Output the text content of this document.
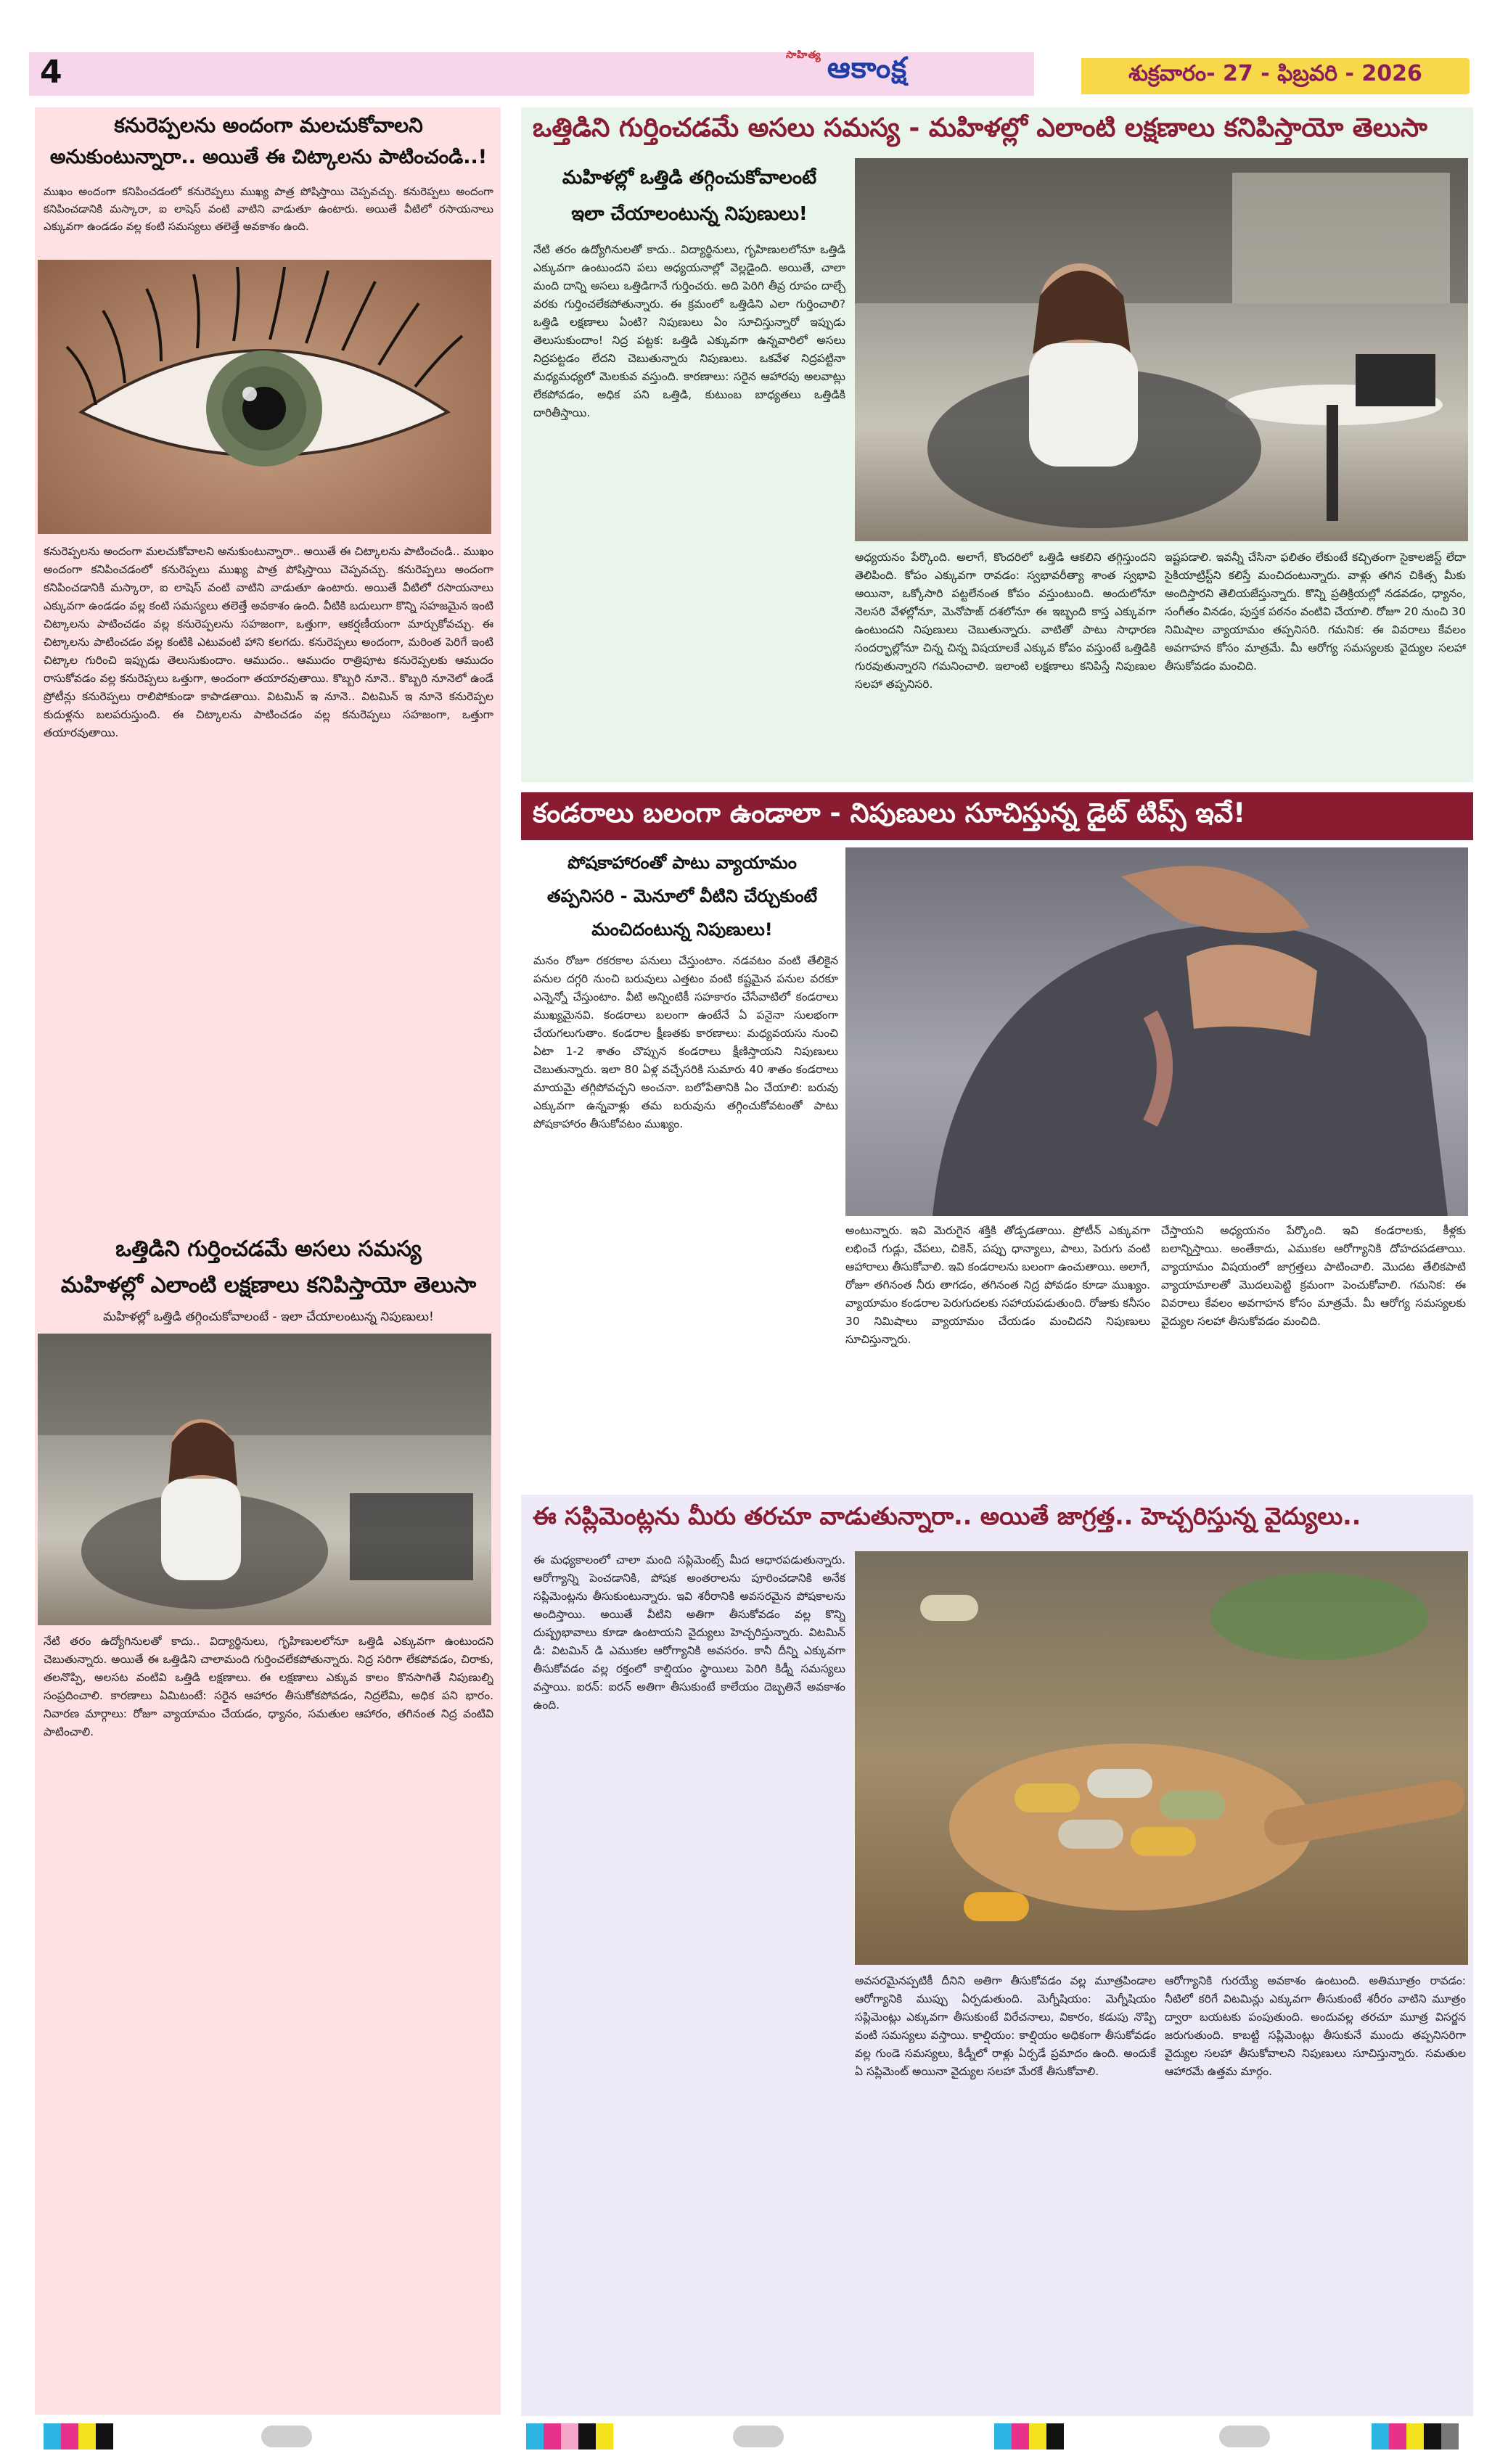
4	సాహిత్య ఆకాంక్ష	శుక్రవారం- 27 - ఫిబ్రవరి - 2026
కనురెప్పలను అందంగా మలచుకోవాలని
అనుకుంటున్నారా.. అయితే ఈ చిట్కాలను పాటించండి..!
ముఖం అందంగా కనిపించడంలో కనురెప్పలు ముఖ్య పాత్ర పోషిస్తాయి చెప్పవచ్చు. కనురెప్పలు అందంగా కనిపించడానికి మస్కారా, ఐ లాషెస్ వంటి వాటిని వాడుతూ ఉంటారు. అయితే వీటిలో రసాయనాలు ఎక్కువగా ఉండడం వల్ల కంటి సమస్యలు తలెత్తే అవకాశం ఉంది.
కనురెప్పలను అందంగా మలచుకోవాలని అనుకుంటున్నారా.. అయితే ఈ చిట్కాలను పాటించండి.. ముఖం అందంగా కనిపించడంలో కనురెప్పలు ముఖ్య పాత్ర పోషిస్తాయి చెప్పవచ్చు. కనురెప్పలు అందంగా కనిపించడానికి మస్కారా, ఐ లాషెస్ వంటి వాటిని వాడుతూ ఉంటారు. అయితే వీటిలో రసాయనాలు ఎక్కువగా ఉండడం వల్ల కంటి సమస్యలు తలెత్తే అవకాశం ఉంది. వీటికి బదులుగా కొన్ని సహజమైన ఇంటి చిట్కాలను పాటించడం వల్ల కనురెప్పలను సహజంగా, ఒత్తుగా, ఆకర్షణీయంగా మార్చుకోవచ్చు. ఈ చిట్కాలను పాటించడం వల్ల కంటికి ఎటువంటి హాని కలగదు. కనురెప్పలు అందంగా, మరింత పెరిగే ఇంటి చిట్కాల గురించి ఇప్పుడు తెలుసుకుందాం. ఆముదం.. ఆముదం రాత్రిపూట కనురెప్పలకు ఆముదం రాసుకోవడం వల్ల కనురెప్పలు ఒత్తుగా, అందంగా తయారవుతాయి. కొబ్బరి నూనె.. కొబ్బరి నూనెలో ఉండే ప్రోటీన్లు కనురెప్పలు రాలిపోకుండా కాపాడతాయి. విటమిన్ ఇ నూనె.. విటమిన్ ఇ నూనె కనురెప్పల కుదుళ్లను బలపరుస్తుంది. ఈ చిట్కాలను పాటించడం వల్ల కనురెప్పలు సహజంగా, ఒత్తుగా తయారవుతాయి.
ఒత్తిడిని గుర్తించడమే అసలు సమస్య
మహిళల్లో ఎలాంటి లక్షణాలు కనిపిస్తాయో తెలుసా
మహిళల్లో ఒత్తిడి తగ్గించుకోవాలంటే - ఇలా చేయాలంటున్న నిపుణులు!
నేటి తరం ఉద్యోగినులతో కాదు.. విద్యార్థినులు, గృహిణులలోనూ ఒత్తిడి ఎక్కువగా ఉంటుందని చెబుతున్నారు. అయితే ఈ ఒత్తిడిని చాలామంది గుర్తించలేకపోతున్నారు. నిద్ర సరిగా లేకపోవడం, చిరాకు, తలనొప్పి, అలసట వంటివి ఒత్తిడి లక్షణాలు. ఈ లక్షణాలు ఎక్కువ కాలం కొనసాగితే నిపుణుల్ని సంప్రదించాలి. కారణాలు ఏమిటంటే: సరైన ఆహారం తీసుకోకపోవడం, నిద్రలేమి, అధిక పని భారం. నివారణ మార్గాలు: రోజూ వ్యాయామం చేయడం, ధ్యానం, సమతుల ఆహారం, తగినంత నిద్ర వంటివి పాటించాలి.
ఒత్తిడిని గుర్తించడమే అసలు సమస్య - మహిళల్లో ఎలాంటి లక్షణాలు కనిపిస్తాయో తెలుసా
మహిళల్లో ఒత్తిడి తగ్గించుకోవాలంటే
ఇలా చేయాలంటున్న నిపుణులు!
నేటి తరం ఉద్యోగినులతో కాదు.. విద్యార్థినులు, గృహిణులలోనూ ఒత్తిడి ఎక్కువగా ఉంటుందని పలు అధ్యయనాల్లో వెల్లడైంది. అయితే, చాలా మంది దాన్ని అసలు ఒత్తిడిగానే గుర్తించరు. అది పెరిగి తీవ్ర రూపం దాల్చే వరకు గుర్తించలేకపోతున్నారు. ఈ క్రమంలో ఒత్తిడిని ఎలా గుర్తించాలి? ఒత్తిడి లక్షణాలు ఏంటి? నిపుణులు ఏం సూచిస్తున్నారో ఇప్పుడు తెలుసుకుందాం! నిద్ర పట్టక: ఒత్తిడి ఎక్కువగా ఉన్నవారిలో అసలు నిద్రపట్టడం లేదని చెబుతున్నారు నిపుణులు. ఒకవేళ నిద్రపట్టినా మధ్యమధ్యలో మెలకువ వస్తుంది. కారణాలు: సరైన ఆహారపు అలవాట్లు లేకపోవడం, అధిక పని ఒత్తిడి, కుటుంబ బాధ్యతలు ఒత్తిడికి దారితీస్తాయి.
అధ్యయనం పేర్కొంది. అలాగే, కొందరిలో ఒత్తిడి ఆకలిని తగ్గిస్తుందని తెలిపింది. కోపం ఎక్కువగా రావడం: స్వభావరీత్యా శాంత స్వభావి అయినా, ఒక్కోసారి పట్టలేనంత కోపం వస్తుంటుంది. అందులోనూ నెలసరి వేళల్లోనూ, మెనోపాజ్ దశలోనూ ఈ ఇబ్బంది కాస్త ఎక్కువగా ఉంటుందని నిపుణులు చెబుతున్నారు. వాటితో పాటు సాధారణ సందర్భాల్లోనూ చిన్న చిన్న విషయాలకే ఎక్కువ కోపం వస్తుంటే ఒత్తిడికి గురవుతున్నారని గమనించాలి. ఇలాంటి లక్షణాలు కనిపిస్తే నిపుణుల సలహా తప్పనిసరి.
ఇష్టపడాలి. ఇవన్నీ చేసినా ఫలితం లేకుంటే కచ్చితంగా సైకాలజిస్ట్ లేదా సైకియాట్రిస్ట్‌ని కలిస్తే మంచిదంటున్నారు. వాళ్లు తగిన చికిత్స మీకు అందిస్తారని తెలియజేస్తున్నారు. కొన్ని ప్రతిక్రియల్లో నడవడం, ధ్యానం, సంగీతం వినడం, పుస్తక పఠనం వంటివి చేయాలి. రోజూ 20 నుంచి 30 నిమిషాల వ్యాయామం తప్పనిసరి. గమనిక: ఈ వివరాలు కేవలం అవగాహన కోసం మాత్రమే. మీ ఆరోగ్య సమస్యలకు వైద్యుల సలహా తీసుకోవడం మంచిది.
కండరాలు బలంగా ఉండాలా - నిపుణులు సూచిస్తున్న డైట్ టిప్స్ ఇవే!
పోషకాహారంతో పాటు వ్యాయామం
తప్పనిసరి - మెనూలో వీటిని చేర్చుకుంటే
మంచిదంటున్న నిపుణులు!
మనం రోజూ రకరకాల పనులు చేస్తుంటాం. నడవటం వంటి తేలికైన పనుల దగ్గరి నుంచి బరువులు ఎత్తటం వంటి కష్టమైన పనుల వరకూ ఎన్నెన్నో చేస్తుంటాం. వీటి అన్నింటికీ సహకారం చేసేవాటిలో కండరాలు ముఖ్యమైనవి. కండరాలు బలంగా ఉంటేనే ఏ పనైనా సులభంగా చేయగలుగుతాం. కండరాల క్షీణతకు కారణాలు: మధ్యవయసు నుంచి ఏటా 1-2 శాతం చొప్పున కండరాలు క్షీణిస్తాయని నిపుణులు చెబుతున్నారు. ఇలా 80 ఏళ్ల వచ్చేసరికి సుమారు 40 శాతం కండరాలు మాయమై తగ్గిపోవచ్చని అంచనా. బలోపేతానికి ఏం చేయాలి: బరువు ఎక్కువగా ఉన్నవాళ్లు తమ బరువును తగ్గించుకోవటంతో పాటు పోషకాహారం తీసుకోవటం ముఖ్యం.
అంటున్నారు. ఇవి మెరుగైన శక్తికి తోడ్పడతాయి. ప్రోటీన్ ఎక్కువగా లభించే గుడ్లు, చేపలు, చికెన్, పప్పు ధాన్యాలు, పాలు, పెరుగు వంటి ఆహారాలు తీసుకోవాలి. ఇవి కండరాలను బలంగా ఉంచుతాయి. అలాగే, రోజూ తగినంత నీరు తాగడం, తగినంత నిద్ర పోవడం కూడా ముఖ్యం. వ్యాయామం కండరాల పెరుగుదలకు సహాయపడుతుంది. రోజుకు కనీసం 30 నిమిషాలు వ్యాయామం చేయడం మంచిదని నిపుణులు సూచిస్తున్నారు.
చేస్తాయని అధ్యయనం పేర్కొంది. ఇవి కండరాలకు, కీళ్లకు బలాన్నిస్తాయి. అంతేకాదు, ఎముకల ఆరోగ్యానికి దోహదపడతాయి. వ్యాయామం విషయంలో జాగ్రత్తలు పాటించాలి. మొదట తేలికపాటి వ్యాయామాలతో మొదలుపెట్టి క్రమంగా పెంచుకోవాలి. గమనిక: ఈ వివరాలు కేవలం అవగాహన కోసం మాత్రమే. మీ ఆరోగ్య సమస్యలకు వైద్యుల సలహా తీసుకోవడం మంచిది.
ఈ సప్లిమెంట్లను మీరు తరచూ వాడుతున్నారా.. అయితే జాగ్రత్త.. హెచ్చరిస్తున్న వైద్యులు..
ఈ మధ్యకాలంలో చాలా మంది సప్లిమెంట్స్ మీద ఆధారపడుతున్నారు. ఆరోగ్యాన్ని పెంచడానికి, పోషక అంతరాలను పూరించడానికి అనేక సప్లిమెంట్లను తీసుకుంటున్నారు. ఇవి శరీరానికి అవసరమైన పోషకాలను అందిస్తాయి. అయితే వీటిని అతిగా తీసుకోవడం వల్ల కొన్ని దుష్ప్రభావాలు కూడా ఉంటాయని వైద్యులు హెచ్చరిస్తున్నారు. విటమిన్ డి: విటమిన్ డి ఎముకల ఆరోగ్యానికి అవసరం. కానీ దీన్ని ఎక్కువగా తీసుకోవడం వల్ల రక్తంలో కాల్షియం స్థాయిలు పెరిగి కిడ్నీ సమస్యలు వస్తాయి. ఐరన్: ఐరన్ అతిగా తీసుకుంటే కాలేయం దెబ్బతినే అవకాశం ఉంది.
అవసరమైనప్పటికీ దీనిని అతిగా తీసుకోవడం వల్ల మూత్రపిండాల ఆరోగ్యానికి ముప్పు ఏర్పడుతుంది. మెగ్నీషియం: మెగ్నీషియం సప్లిమెంట్లు ఎక్కువగా తీసుకుంటే విరేచనాలు, వికారం, కడుపు నొప్పి వంటి సమస్యలు వస్తాయి. కాల్షియం: కాల్షియం అధికంగా తీసుకోవడం వల్ల గుండె సమస్యలు, కిడ్నీలో రాళ్లు ఏర్పడే ప్రమాదం ఉంది. అందుకే ఏ సప్లిమెంట్ అయినా వైద్యుల సలహా మేరకే తీసుకోవాలి.
ఆరోగ్యానికి గురయ్యే అవకాశం ఉంటుంది. అతిమూత్రం రావడం: నీటిలో కరిగే విటమిన్లు ఎక్కువగా తీసుకుంటే శరీరం వాటిని మూత్రం ద్వారా బయటకు పంపుతుంది. అందువల్ల తరచూ మూత్ర విసర్జన జరుగుతుంది. కాబట్టి సప్లిమెంట్లు తీసుకునే ముందు తప్పనిసరిగా వైద్యుల సలహా తీసుకోవాలని నిపుణులు సూచిస్తున్నారు. సమతుల ఆహారమే ఉత్తమ మార్గం.
